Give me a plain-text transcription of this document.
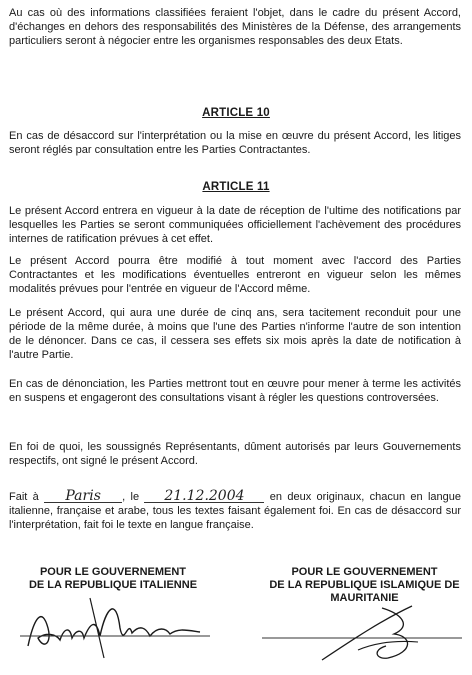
Au cas où des informations classifiées feraient l'objet, dans le cadre du présent Accord, d'échanges en dehors des responsabilités des Ministères de la Défense, des arrangements particuliers seront à négocier entre les organismes responsables des deux Etats.

ARTICLE 10

En cas de désaccord sur l'interprétation ou la mise en œuvre du présent Accord, les litiges seront réglés par consultation entre les Parties Contractantes.

ARTICLE 11

Le présent Accord entrera en vigueur à la date de réception de l'ultime des notifications par lesquelles les Parties se seront communiquées officiellement l'achèvement des procédures internes de ratification prévues à cet effet.

Le présent Accord pourra être modifié à tout moment avec l'accord des Parties Contractantes et les modifications éventuelles entreront en vigueur selon les mêmes modalités prévues pour l'entrée en vigueur de l'Accord même.

Le présent Accord, qui aura une durée de cinq ans, sera tacitement reconduit pour une période de la même durée, à moins que l'une des Parties n'informe l'autre de son intention de le dénoncer. Dans ce cas, il cessera ses effets six mois après la date de notification à l'autre Partie.

En cas de dénonciation, les Parties mettront tout en œuvre pour mener à terme les activités en suspens et engageront des consultations visant à régler les questions controversées.

En foi de quoi, les soussignés Représentants, dûment autorisés par leurs Gouvernements respectifs, ont signé le présent Accord.

Fait à Paris , le 21.12.2004 en deux originaux, chacun en langue italienne, française et arabe, tous les textes faisant également foi. En cas de désaccord sur l'interprétation, fait foi le texte en langue française.

POUR LE GOUVERNEMENT
DE LA REPUBLIQUE ITALIENNE
POUR LE GOUVERNEMENT
DE LA REPUBLIQUE ISLAMIQUE DE
MAURITANIE
